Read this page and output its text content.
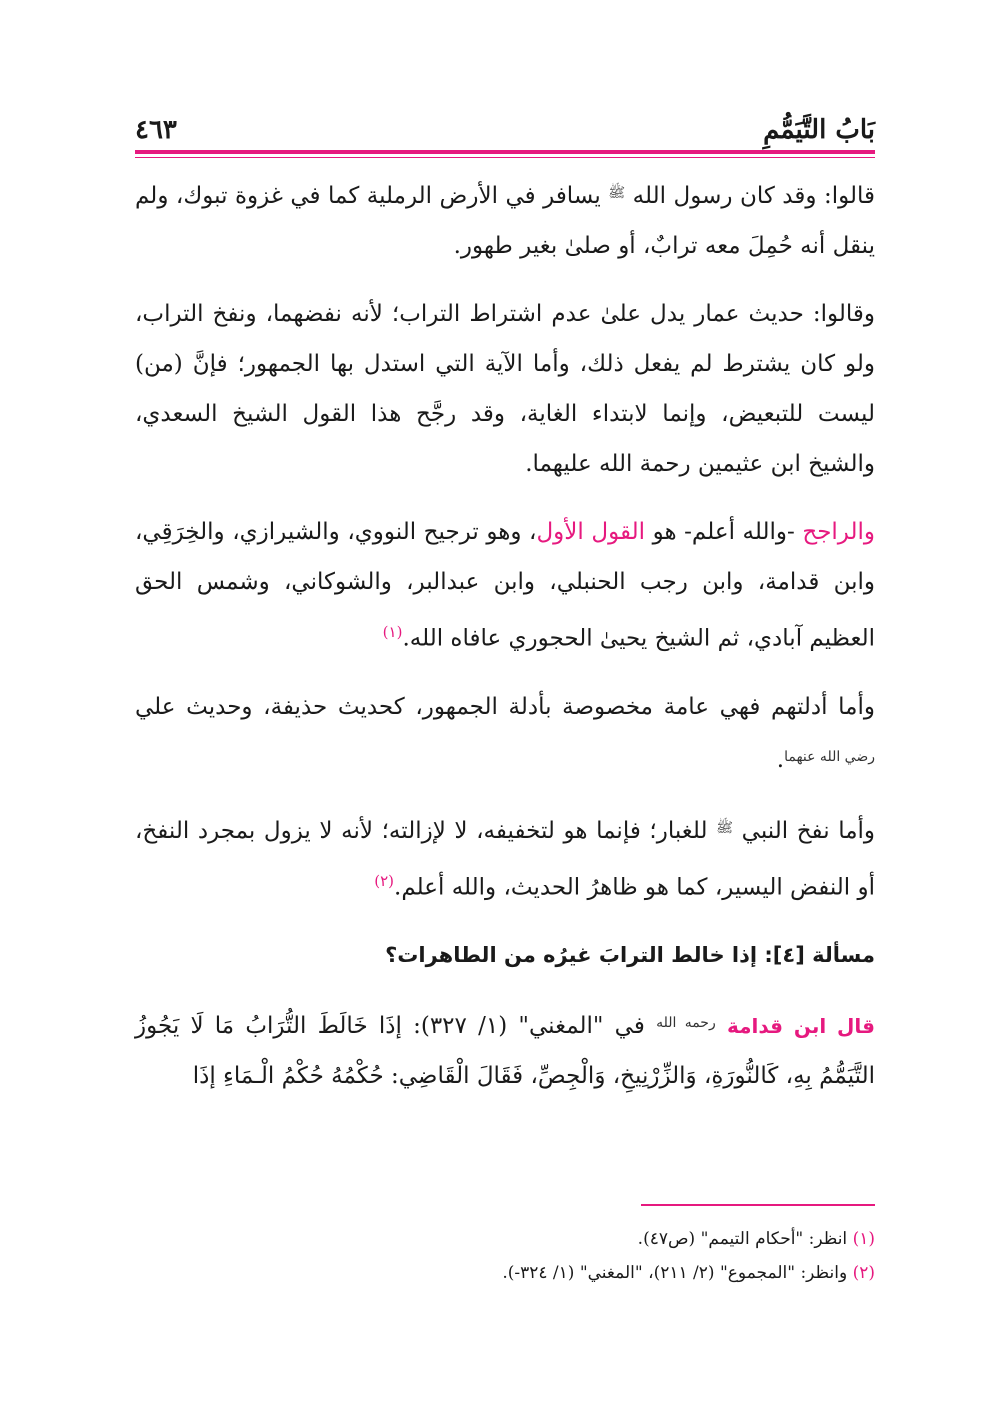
بَابُ التَّيَمُّمِ
٤٦٣

قالوا: وقد كان رسول الله $^ﷺ$ يسافر في الأرض الرملية كما في غزوة تبوك، ولم ينقل أنه حُمِلَ معه ترابٌ، أو صلىٰ بغير طهور.

وقالوا: حديث عمار يدل علىٰ عدم اشتراط التراب؛ لأنه نفضهما، ونفخ التراب، ولو كان يشترط لم يفعل ذلك، وأما الآية التي استدل بها الجمهور؛ فإنَّ (من) ليست للتبعيض، وإنما لابتداء الغاية، وقد رجَّح هذا القول الشيخ السعدي، والشيخ ابن عثيمين رحمة الله عليهما.

والراجح -والله أعلم- هو القول الأول، وهو ترجيح النووي، والشيرازي، والخِرَقِي، وابن قدامة، وابن رجب الحنبلي، وابن عبدالبر، والشوكاني، وشمس الحق العظيم آبادي، ثم الشيخ يحيىٰ الحجوري عافاه الله.$^{(١)}$

وأما أدلتهم فهي عامة مخصوصة بأدلة الجمهور، كحديث حذيفة، وحديث علي $^{رضي الله عنهما}$.

وأما نفخ النبي $^ﷺ$ للغبار؛ فإنما هو لتخفيفه، لا لإزالته؛ لأنه لا يزول بمجرد النفخ، أو النفض اليسير، كما هو ظاهرُ الحديث، والله أعلم.$^{(٢)}$

مسألة [٤]: إذا خالط الترابَ غيرُه من الطاهرات؟

قال ابن قدامة $^{رحمه الله}$ في "المغني" (١/ ٣٢٧): إذَا خَالَطَ التُّرَابُ مَا لَا يَجُوزُ التَّيَمُّمُ بِهِ، كَالنُّورَةِ، وَالزِّرْنِيخِ، وَالْجِصِّ، فَقَالَ الْقَاضِي: حُكْمُهُ حُكْمُ الْـمَاءِ إذَا

(١) انظر: "أحكام التيمم" (ص٤٧).

(٢) وانظر: "المجموع" (٢/ ٢١١)، "المغني" (١/ ٣٢٤-).
